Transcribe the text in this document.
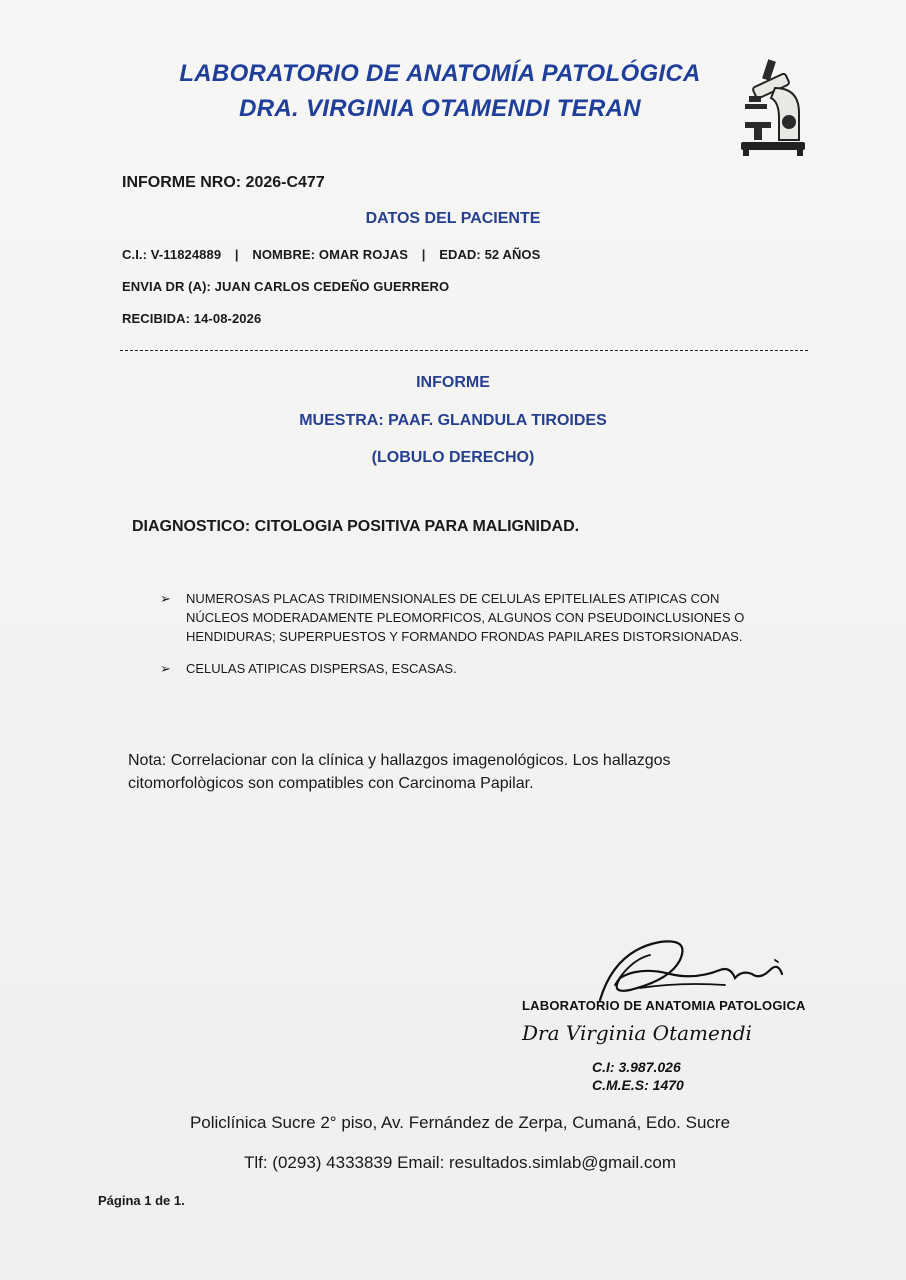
LABORATORIO DE ANATOMÍA PATOLÓGICA
DRA. VIRGINIA OTAMENDI TERAN
INFORME NRO: 2026-C477
DATOS DEL PACIENTE
C.I.: V-11824889 | NOMBRE: OMAR ROJAS | EDAD: 52 AÑOS
ENVIA DR (A): JUAN CARLOS CEDEÑO GUERRERO
RECIBIDA: 14-08-2026
INFORME
MUESTRA: PAAF. GLANDULA TIROIDES
(LOBULO DERECHO)
DIAGNOSTICO: CITOLOGIA POSITIVA PARA MALIGNIDAD.
➢ NUMEROSAS PLACAS TRIDIMENSIONALES DE CELULAS EPITELIALES ATIPICAS CON
NÚCLEOS MODERADAMENTE PLEOMORFICOS, ALGUNOS CON PSEUDOINCLUSIONES O
HENDIDURAS; SUPERPUESTOS Y FORMANDO FRONDAS PAPILARES DISTORSIONADAS.
➢ CELULAS ATIPICAS DISPERSAS, ESCASAS.
Nota: Correlacionar con la clínica y hallazgos imagenológicos. Los hallazgos
citomorfològicos son compatibles con Carcinoma Papilar.
LABORATORIO DE ANATOMIA PATOLOGICA
Dra Virginia Otamendi
C.I: 3.987.026
C.M.E.S: 1470
Policlínica Sucre 2° piso, Av. Fernández de Zerpa, Cumaná, Edo. Sucre
Tlf: (0293) 4333839 Email: resultados.simlab@gmail.com
Página 1 de 1.
